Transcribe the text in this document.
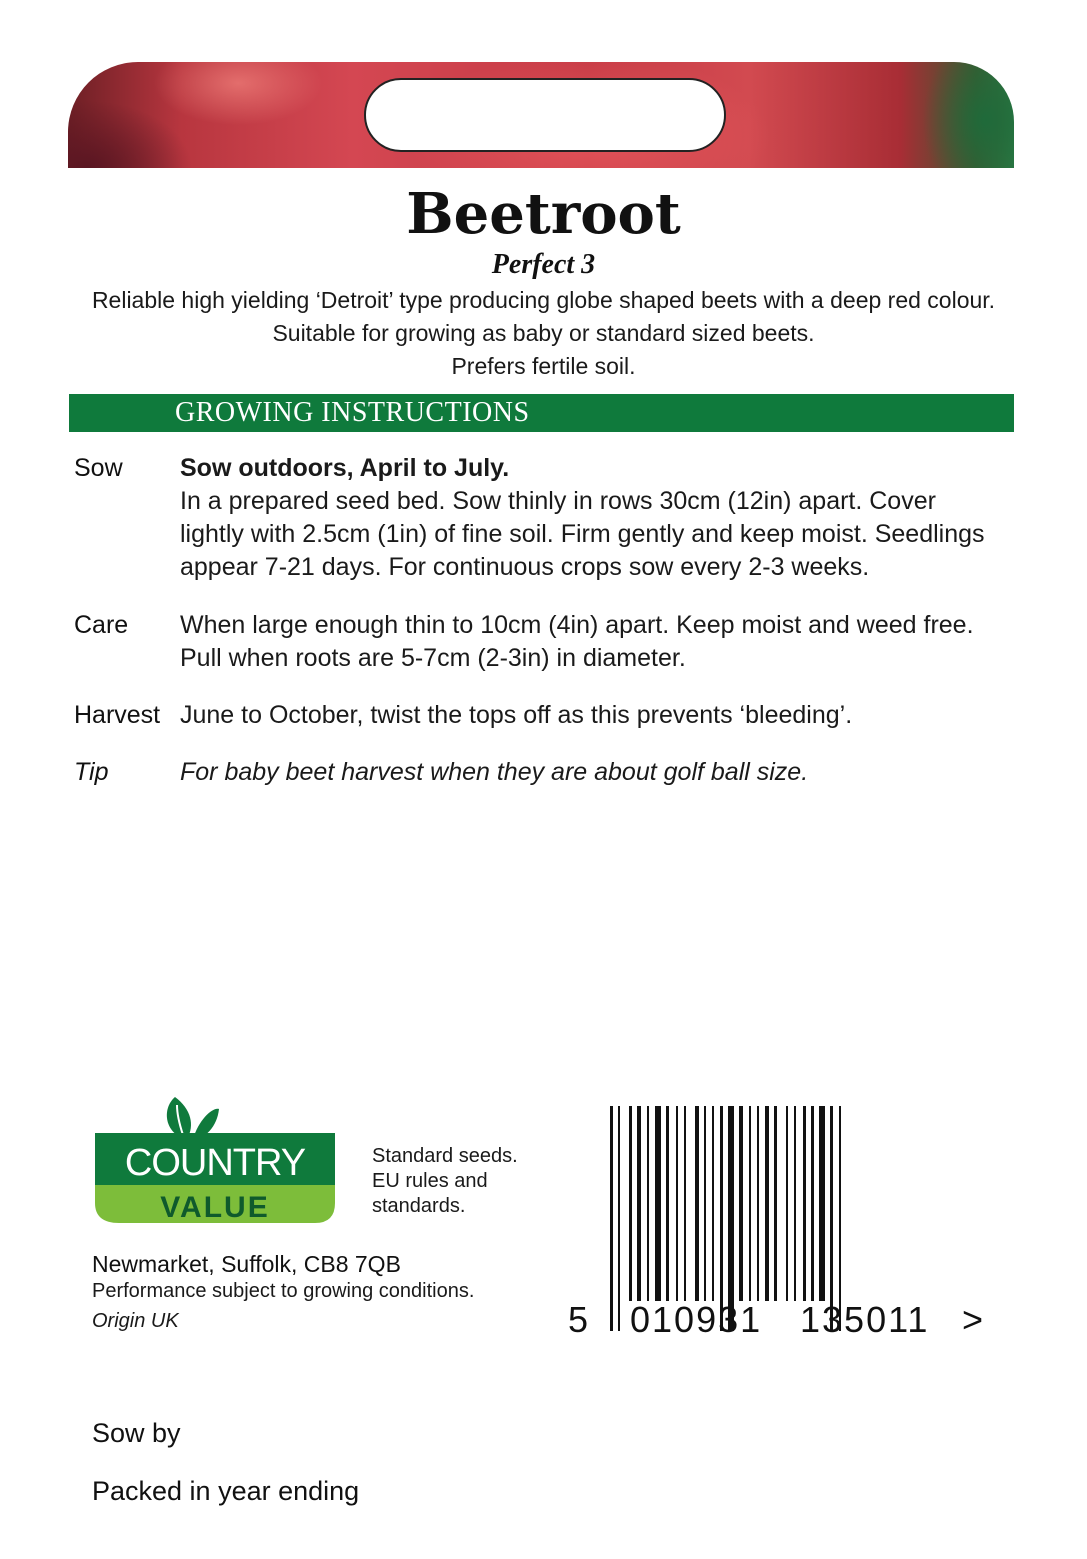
Beetroot
Perfect 3
Reliable high yielding ‘Detroit’ type producing globe shaped beets with a deep red colour.
Suitable for growing as baby or standard sized beets.
Prefers fertile soil.
GROWING INSTRUCTIONS
Sow Sow outdoors, April to July.
In a prepared seed bed. Sow thinly in rows 30cm (12in) apart. Cover
lightly with 2.5cm (1in) of fine soil. Firm gently and keep moist. Seedlings
appear 7-21 days. For continuous crops sow every 2-3 weeks.
Care When large enough thin to 10cm (4in) apart. Keep moist and weed free.
Pull when roots are 5-7cm (2-3in) in diameter.
Harvest June to October, twist the tops off as this prevents ‘bleeding’.
Tip	For baby beet harvest when they are about golf ball size.
COUNTRY
VALUE
Standard seeds.
EU rules and
standards.
Newmarket, Suffolk, CB8 7QB
Performance subject to growing conditions.
Origin UK	5 010931 135011 >
Sow by
Packed in year ending
